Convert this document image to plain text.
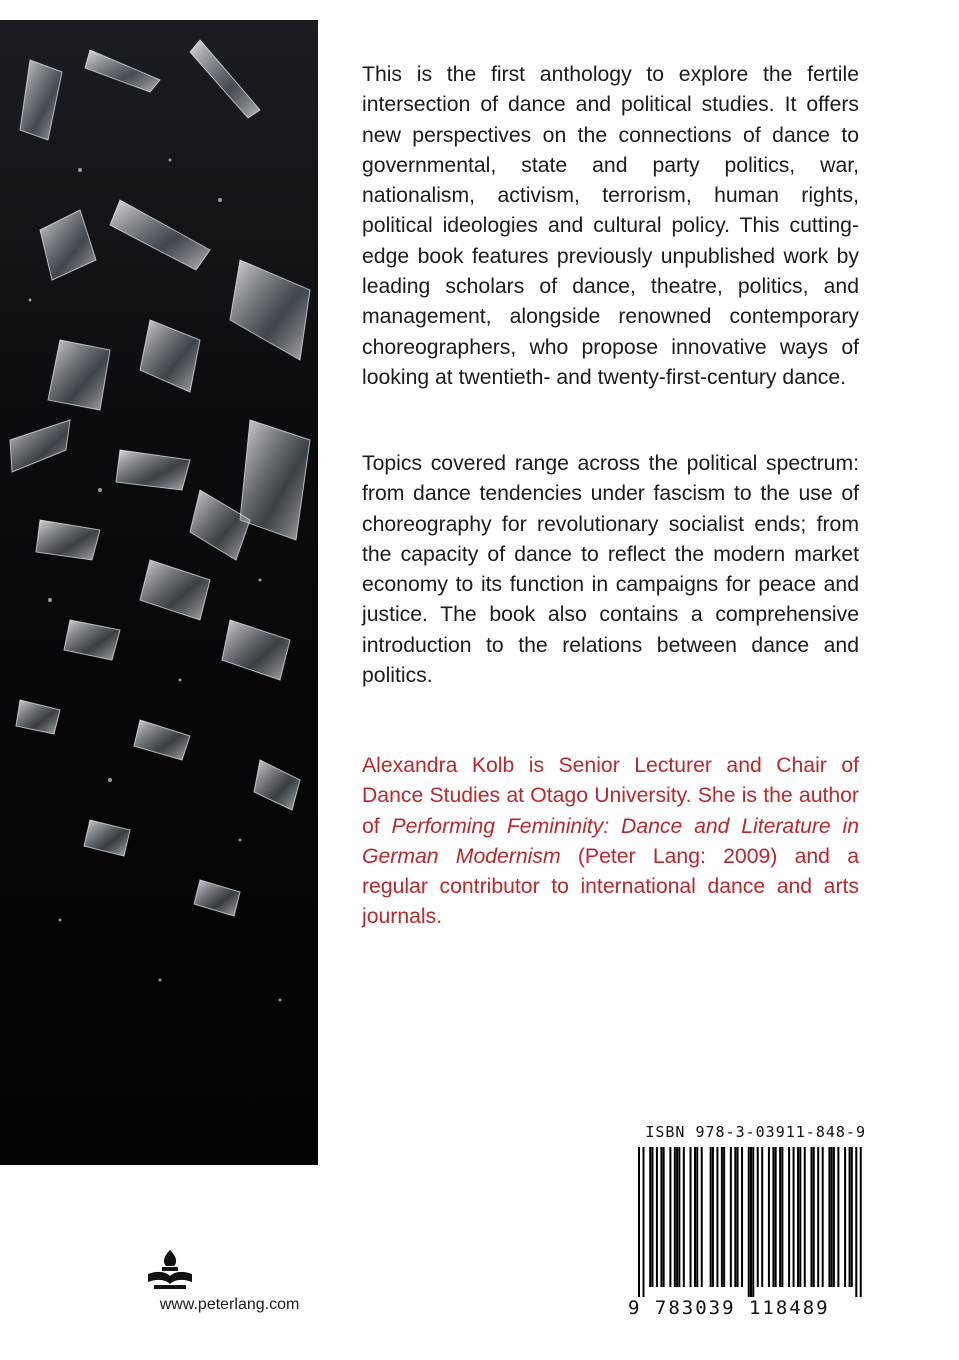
This is the first anthology to explore the fertile intersection of dance and political studies. It offers new perspectives on the connections of dance to governmental, state and party politics, war, nationalism, activism, terrorism, human rights, political ideologies and cultural policy. This cutting-edge book features previously unpublished work by leading scholars of dance, theatre, politics, and management, alongside renowned contemporary choreographers, who propose innovative ways of looking at twentieth- and twenty-first-century dance.

Topics covered range across the political spectrum: from dance tendencies under fascism to the use of choreography for revolutionary socialist ends; from the capacity of dance to reflect the modern market economy to its function in campaigns for peace and justice. The book also contains a comprehensive introduction to the relations between dance and politics.

Alexandra Kolb is Senior Lecturer and Chair of Dance Studies at Otago University. She is the author of Performing Femininity: Dance and Literature in German Modernism (Peter Lang: 2009) and a regular contributor to international dance and arts journals.

www.peterlang.com
ISBN 978-3-03911-848-9
9 783039 118489
